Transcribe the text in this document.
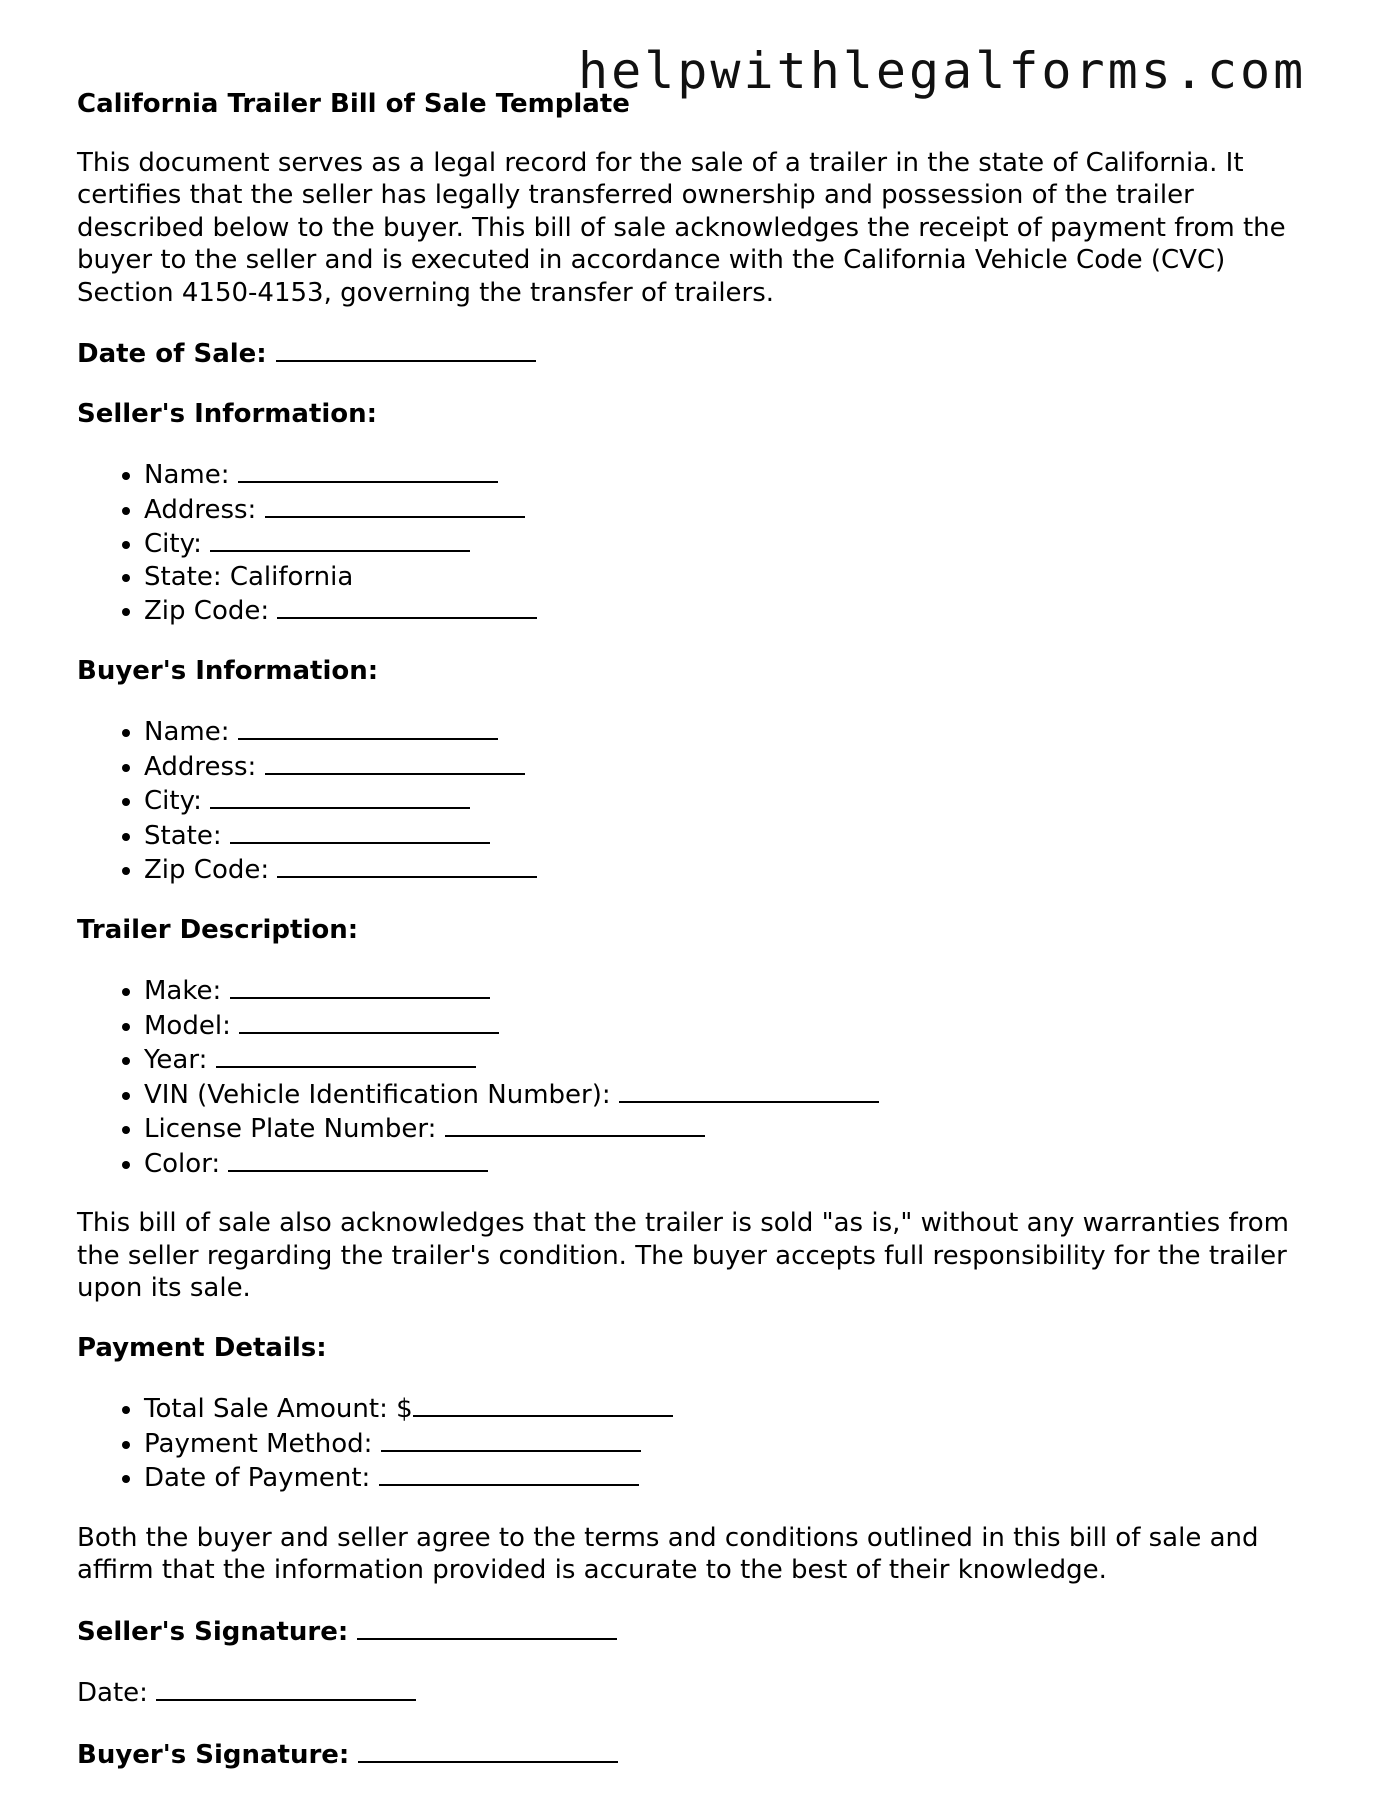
helpwithlegalforms.com
California Trailer Bill of Sale Template

This document serves as a legal record for the sale of a trailer in the state of California. It certifies that the seller has legally transferred ownership and possession of the trailer described below to the buyer. This bill of sale acknowledges the receipt of payment from the buyer to the seller and is executed in accordance with the California Vehicle Code (CVC) Section 4150-4153, governing the transfer of trailers.

Date of Sale:

Seller's Information:
• Name:
• Address:
• City:
• State: California
• Zip Code:
Buyer's Information:
• Name:
• Address:
• City:
• State:
• Zip Code:
Trailer Description:
• Make:
• Model:
• Year:
• VIN (Vehicle Identification Number):
• License Plate Number:
• Color:

This bill of sale also acknowledges that the trailer is sold "as is," without any warranties from the seller regarding the trailer's condition. The buyer accepts full responsibility for the trailer upon its sale.

Payment Details:
• Total Sale Amount: $
• Payment Method:
• Date of Payment:

Both the buyer and seller agree to the terms and conditions outlined in this bill of sale and affirm that the information provided is accurate to the best of their knowledge.

Seller's Signature:
Date:
Buyer's Signature:
